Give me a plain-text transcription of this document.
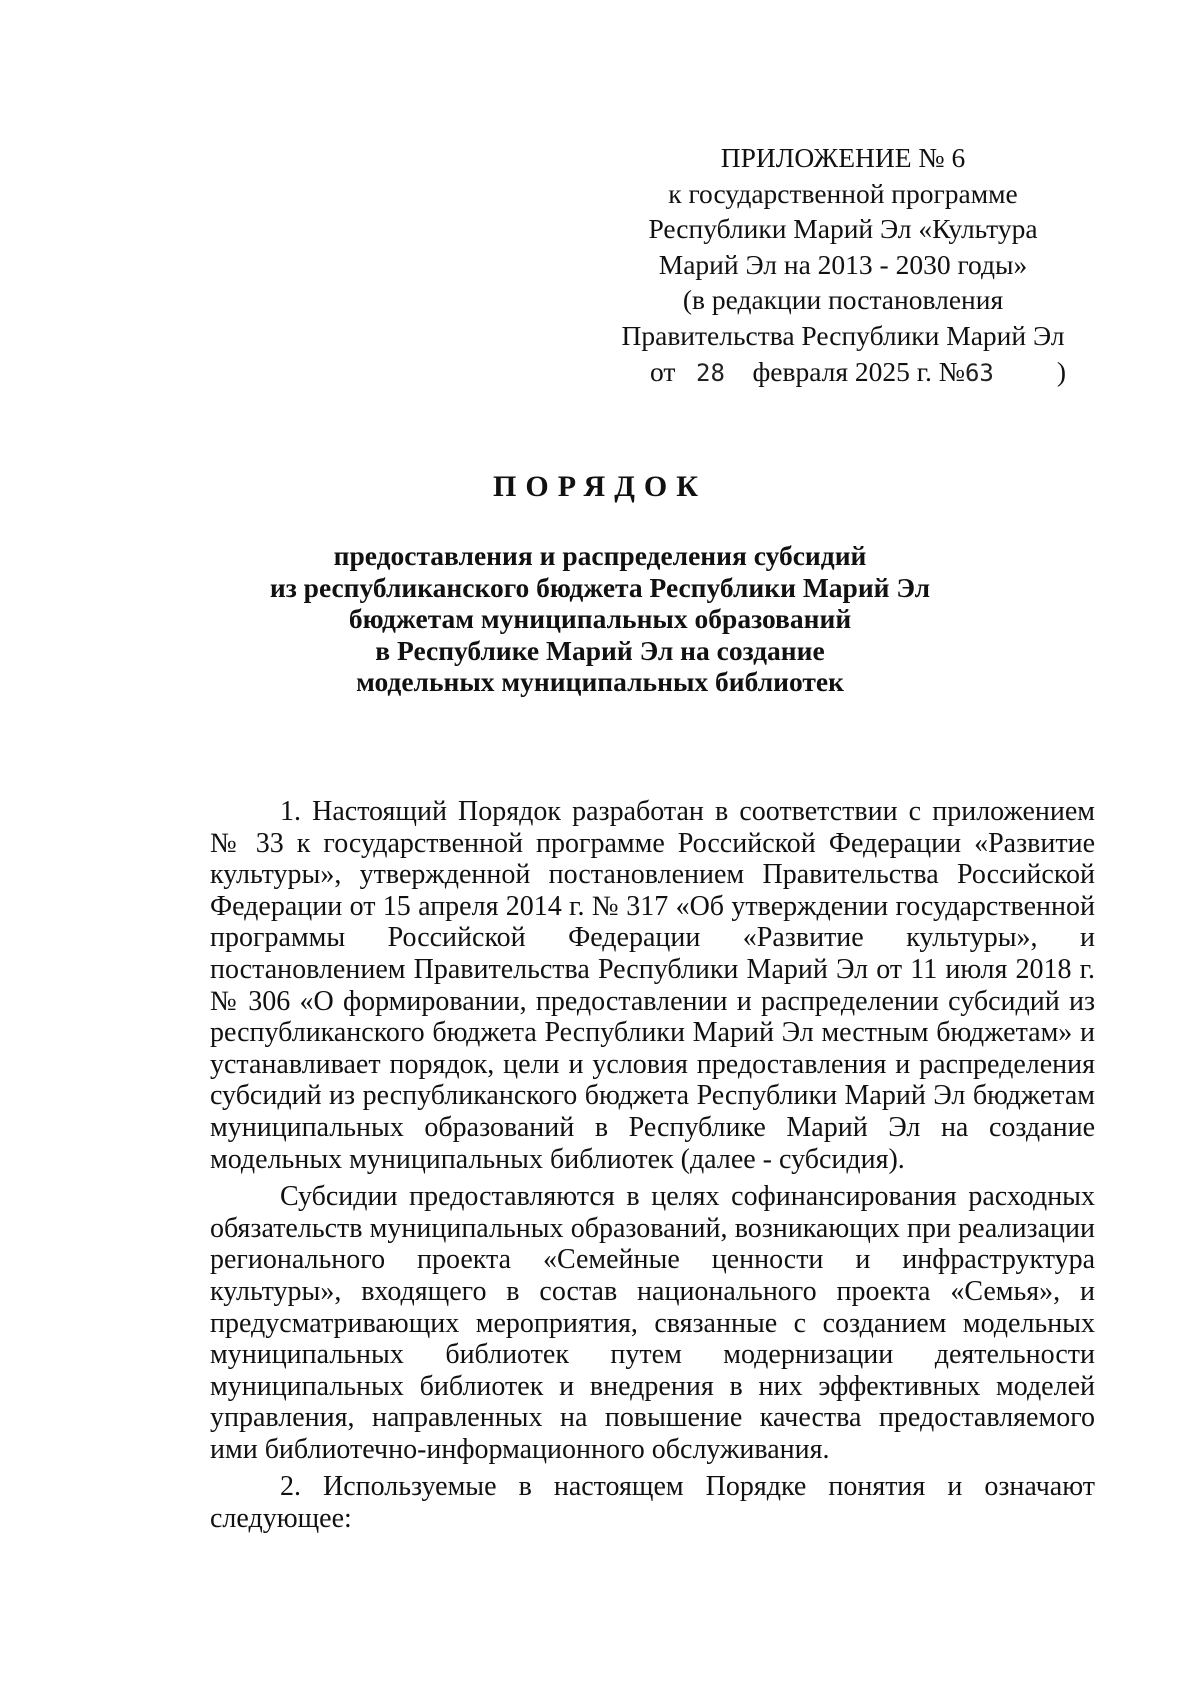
ПРИЛОЖЕНИЕ № 6
к государственной программе
Республики Марий Эл «Культура
Марий Эл на 2013 - 2030 годы»
(в редакции постановления
Правительства Республики Марий Эл
от 28 февраля 2025 г. №63 )
ПОРЯДОК
предоставления и распределения субсидий
из республиканского бюджета Республики Марий Эл
бюджетам муниципальных образований
в Республике Марий Эл на создание
модельных муниципальных библиотек

1. Настоящий Порядок разработан в соответствии с приложением № 33 к государственной программе Российской Федерации «Развитие культуры», утвержденной постановлением Правительства Российской Федерации от 15 апреля 2014 г. № 317 «Об утверждении государственной программы Российской Федерации «Развитие культуры», и постановлением Правительства Республики Марий Эл от 11 июля 2018 г. № 306 «О формировании, предоставлении и распределении субсидий из республиканского бюджета Республики Марий Эл местным бюджетам» и устанавливает порядок, цели и условия предоставления и распределения субсидий из республиканского бюджета Республики Марий Эл бюджетам муниципальных образований в Республике Марий Эл на создание модельных муниципальных библиотек (далее - субсидия).

Субсидии предоставляются в целях софинансирования расходных обязательств муниципальных образований, возникающих при реализации регионального проекта «Семейные ценности и инфраструктура культуры», входящего в состав национального проекта «Семья», и предусматривающих мероприятия, связанные с созданием модельных муниципальных библиотек путем модернизации деятельности муниципальных библиотек и внедрения в них эффективных моделей управления, направленных на повышение качества предоставляемого ими библиотечно-информационного обслуживания.

2. Используемые в настоящем Порядке понятия и означают следующее:
